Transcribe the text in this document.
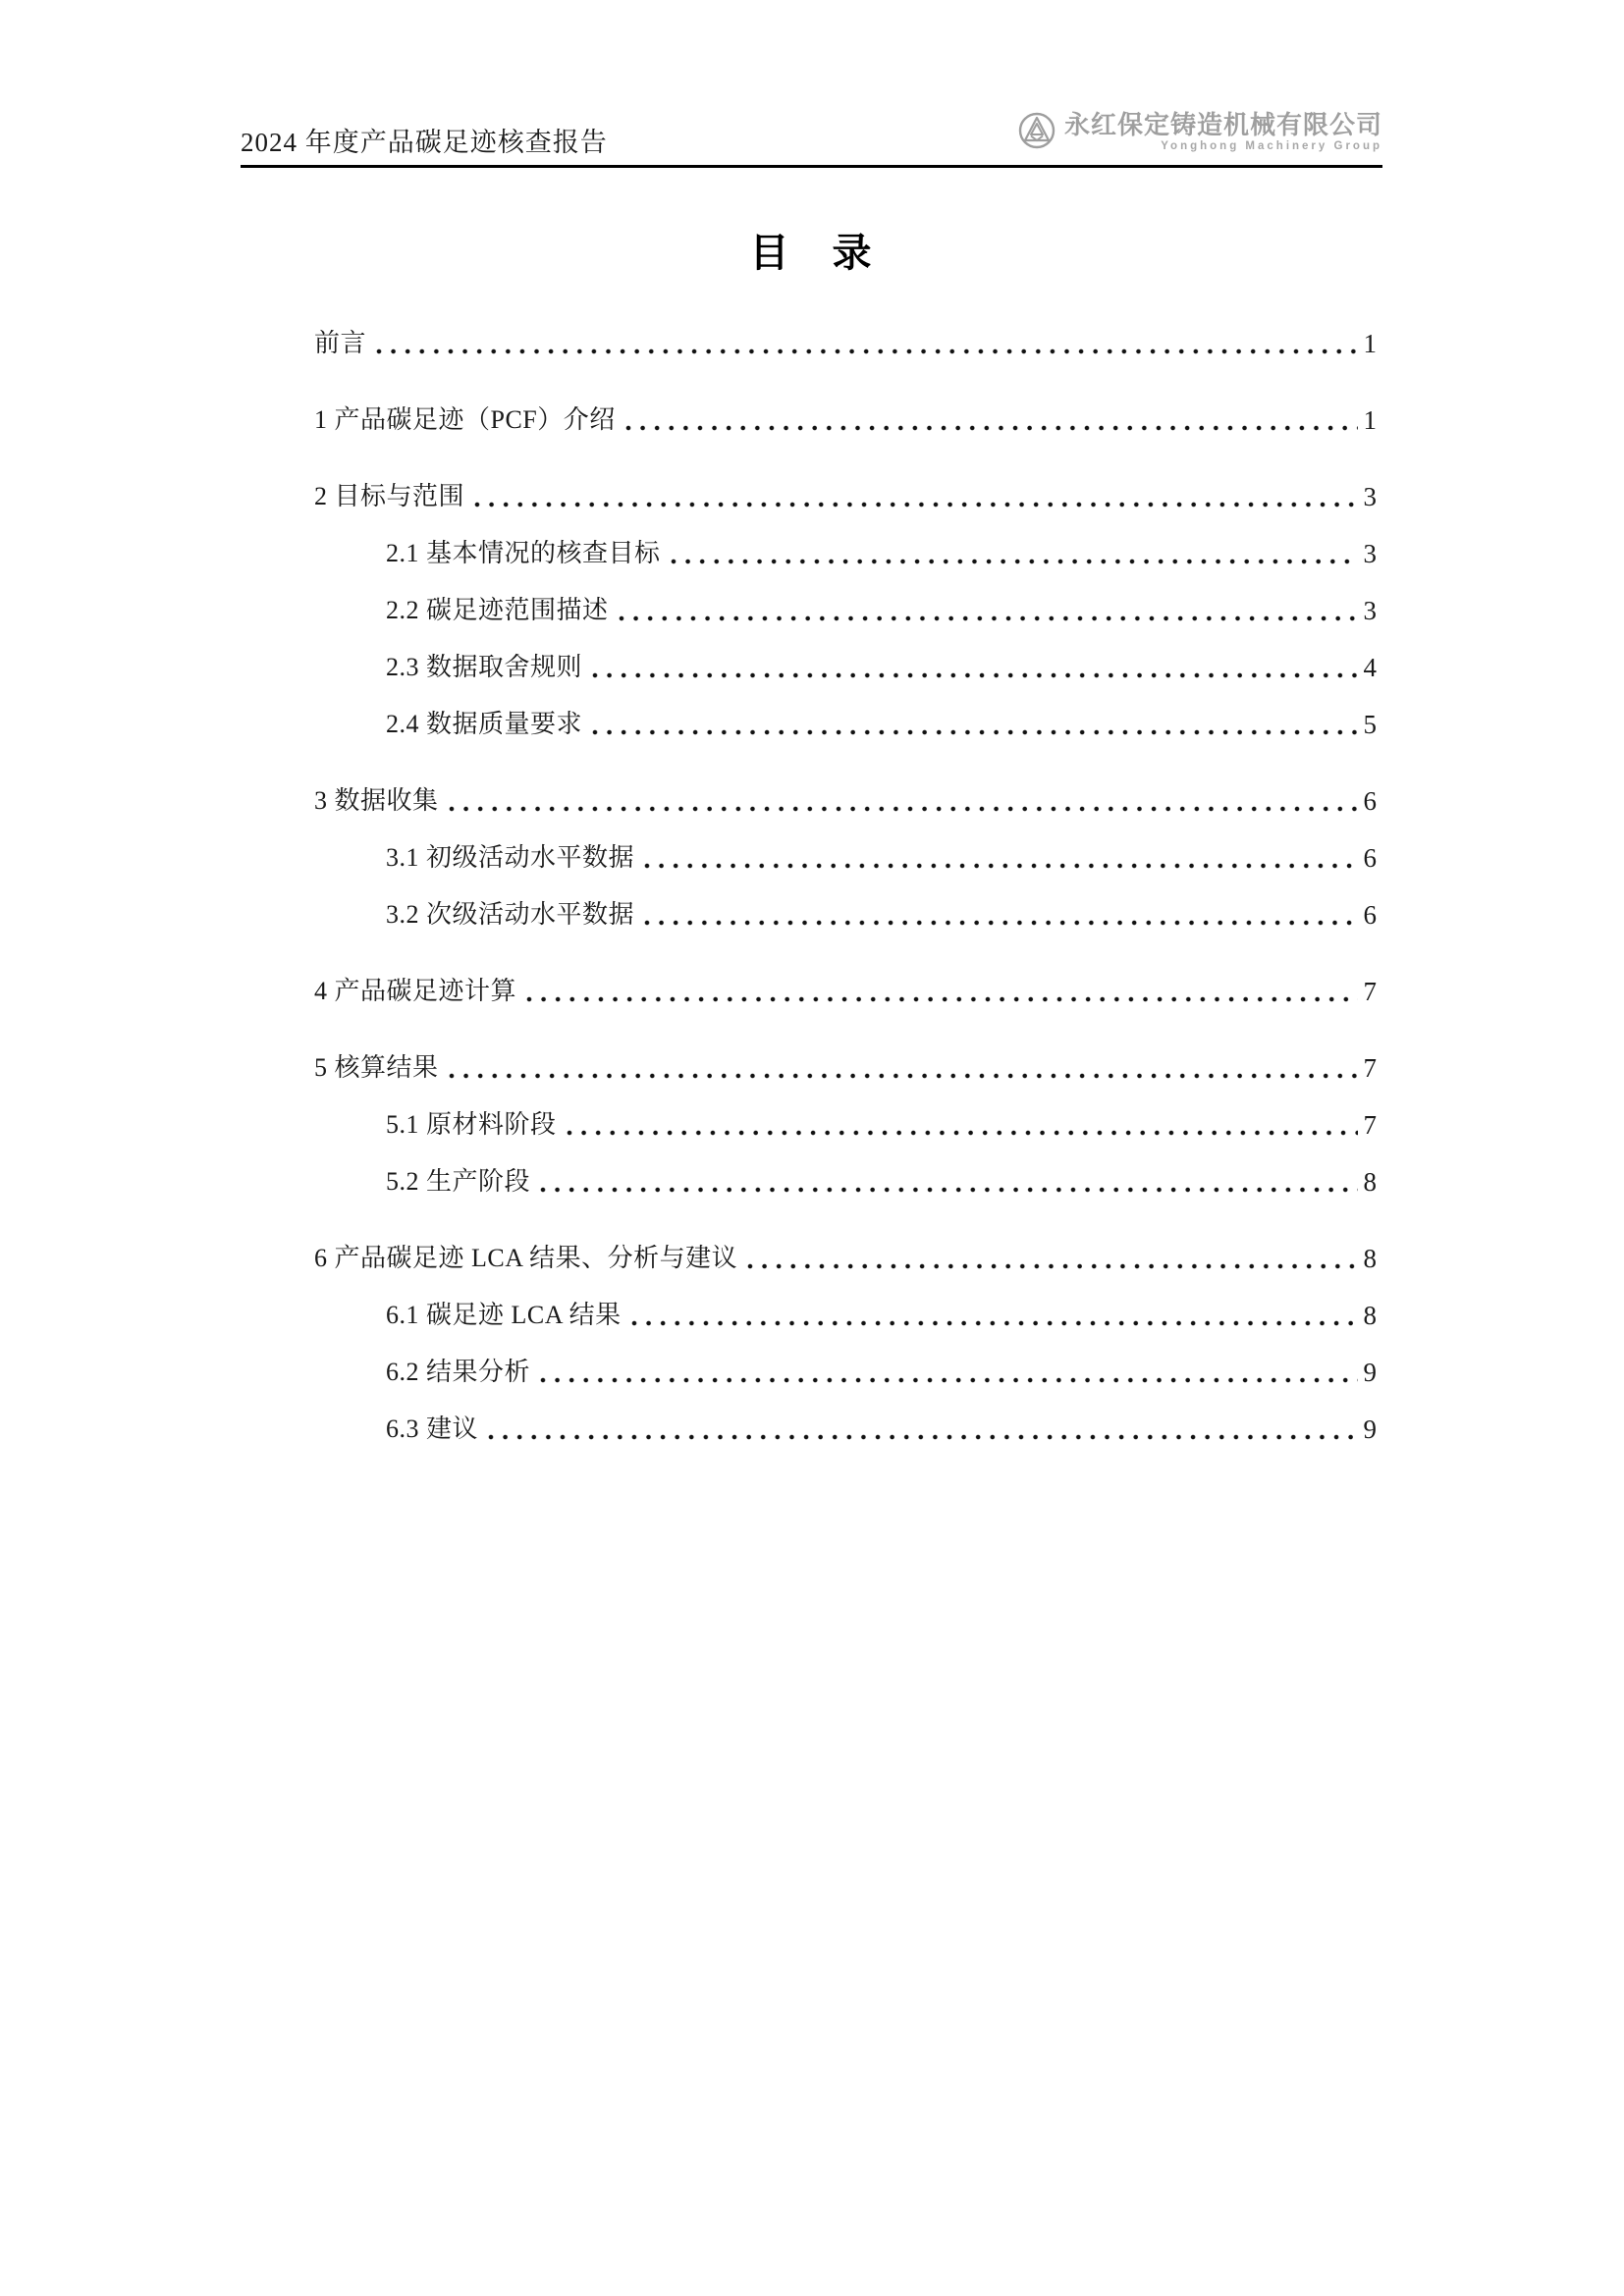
2024 年度产品碳足迹核查报告
永红保定铸造机械有限公司
Yonghong Machinery Group
目　录
前言	1
1 产品碳足迹（PCF）介绍	1
2 目标与范围	3
2.1 基本情况的核查目标	3
2.2 碳足迹范围描述	3
2.3 数据取舍规则	4
2.4 数据质量要求	5
3 数据收集	6
3.1 初级活动水平数据	6
3.2 次级活动水平数据	6
4 产品碳足迹计算	7
5 核算结果	7
5.1 原材料阶段	7
5.2 生产阶段	8
6 产品碳足迹 LCA 结果、分析与建议	8
6.1 碳足迹 LCA 结果	8
6.2 结果分析	9
6.3 建议	9
